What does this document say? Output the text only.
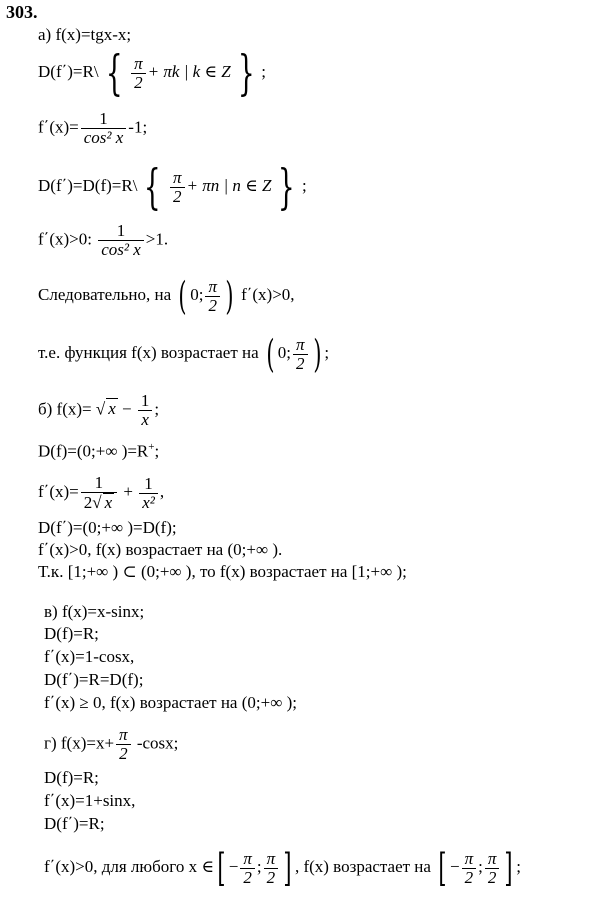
303.
а) f(x)=tgx-x;
D(f΄)=R\ { $\frac{\pi}{2} + \pi k$ | k ∈ Z } ;
$f΄(x)= \frac{1}{\text{cos² x}} -1$;
D(f΄)=D(f)=R\ { $\frac{\pi}{2} + \pi n$ | n ∈ Z } ;
f΄(x)>0: $\frac{1}{\text{cos² x}} >1$.
Следовательно, на ( 0; $\frac{\pi}{2}$ ) f΄(x)>0,
т.е. функция f(x) возрастает на ( 0; $\frac{\pi}{2}$ ) ;
б) f(x)= √ $x - \frac{1}{x}$ ;
D(f)=(0;+∞ )=R+;
$f΄(x)= \frac{1}{2√ x} + \frac{1}{\text{x²}}$ ,
D(f΄)=(0;+∞ )=D(f);
f΄(x)>0, f(x) возрастает на (0;+∞ ).
Т.к. [1;+∞ ) ⊂ (0;+∞ ), то f(x) возрастает на [1;+∞ );
в) f(x)=x-sinx;
D(f)=R;
f΄(x)=1-cosx,
D(f΄)=R=D(f);
f΄(x) ≥ 0, f(x) возрастает на (0;+∞ );
г) $f(x)=x+ \frac{\pi}{2} -\cos x$;
D(f)=R;
f΄(x)=1+sinx,
D(f΄)=R;
f΄(x)>0, для любого x ∈[ − $\frac{\pi}{2}$ ; $\frac{\pi}{2}$ ] , f(x) возрастает на [ − $\frac{\pi}{2}$ ; $\frac{\pi}{2}$ ] ;
